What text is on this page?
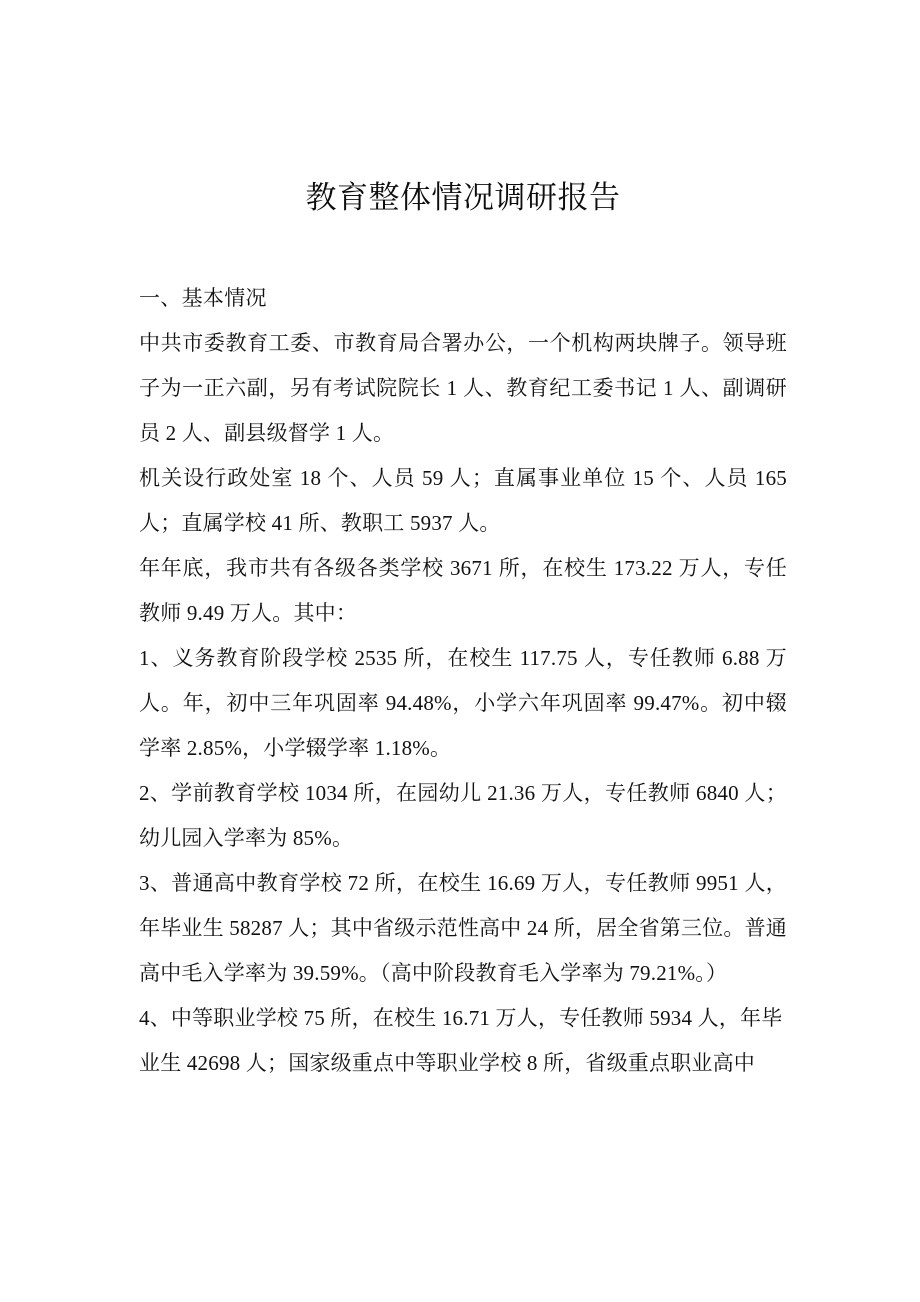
教育整体情况调研报告

一、基本情况

中共市委教育工委、市教育局合署办公，一个机构两块牌子。领导班子为一正六副，另有考试院院长 1 人、教育纪工委书记 1 人、副调研员 2 人、副县级督学 1 人。

机关设行政处室 18 个、人员 59 人；直属事业单位 15 个、人员 165 人；直属学校 41 所、教职工 5937 人。

年年底，我市共有各级各类学校 3671 所，在校生 173.22 万人，专任教师 9.49 万人。其中：

1、义务教育阶段学校 2535 所，在校生 117.75 人，专任教师 6.88 万人。年，初中三年巩固率 94.48%，小学六年巩固率 99.47%。初中辍学率 2.85%，小学辍学率 1.18%。

2、学前教育学校 1034 所，在园幼儿 21.36 万人，专任教师 6840 人；幼儿园入学率为 85%。

3、普通高中教育学校 72 所，在校生 16.69 万人，专任教师 9951 人，年毕业生 58287 人；其中省级示范性高中 24 所，居全省第三位。普通高中毛入学率为 39.59%。（高中阶段教育毛入学率为 79.21%。）

4、中等职业学校 75 所，在校生 16.71 万人，专任教师 5934 人，年毕业生 42698 人；国家级重点中等职业学校 8 所，省级重点职业高中
